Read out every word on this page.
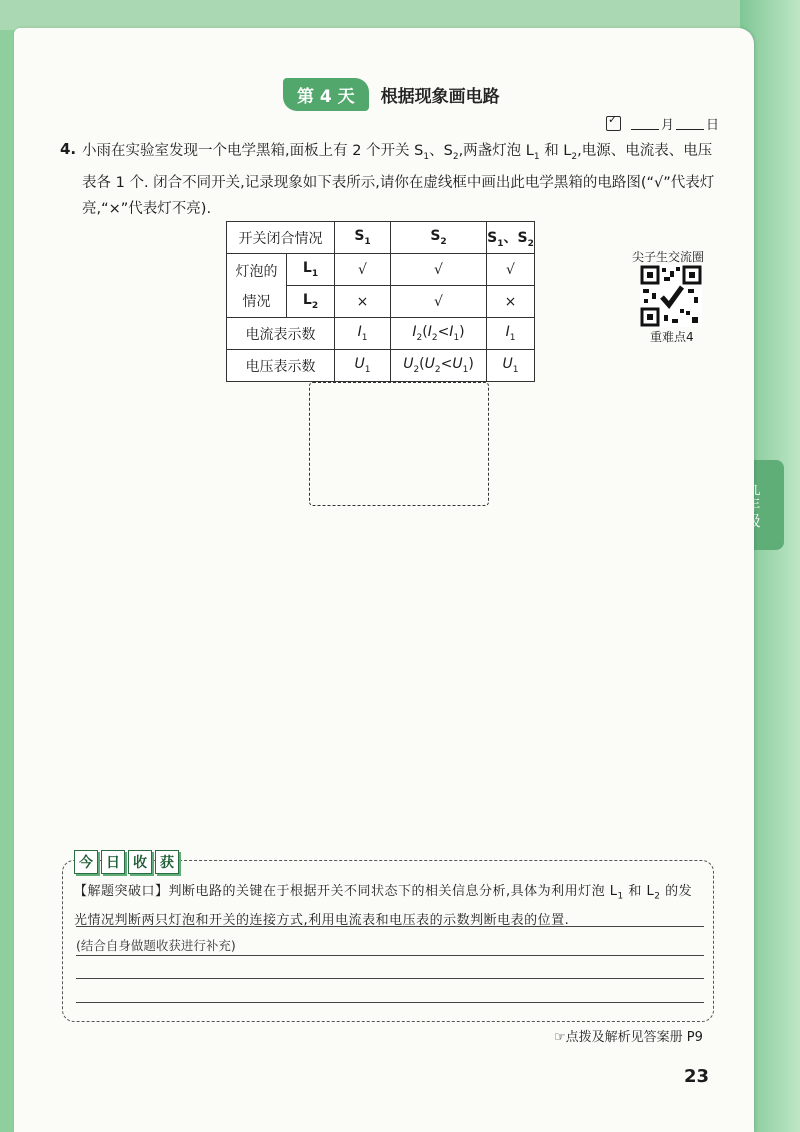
第 4 天	根据现象画电路
✓
月 日
4. 小雨在实验室发现一个电学黑箱,面板上有 2 个开关 $S_1$、$S_2$,两盏灯泡 $L_1$ 和 $L_2$,电源、电流表、电压表各 1 个. 闭合不同开关,记录现象如下表所示,请你在虚线框中画出此电学黑箱的电路图(“√”代表灯亮,“×”代表灯不亮).
开关闭合情况		$S_1$	$S_2$	$S_1$、$S_2$

灯泡的
情况	$L_1$	√	√	√
	$L_2$	×	√	×
电流表示数		$I_1$	$I_2(I_2<I_1)$	$I_1$
电压表示数		$U_1$	$U_2(U_2<U_1)$	$U_1$
尖子生交流圈
重难点4
今 日 收 获
【解题突破口】判断电路的关键在于根据开关不同状态下的相关信息分析,具体为利用灯泡 $L_1$ 和 $L_2$ 的发光情况判断两只灯泡和开关的连接方式,利用电流表和电压表的示数判断电表的位置.
(结合自身做题收获进行补充)
☞点拨及解析见答案册 P9
23
